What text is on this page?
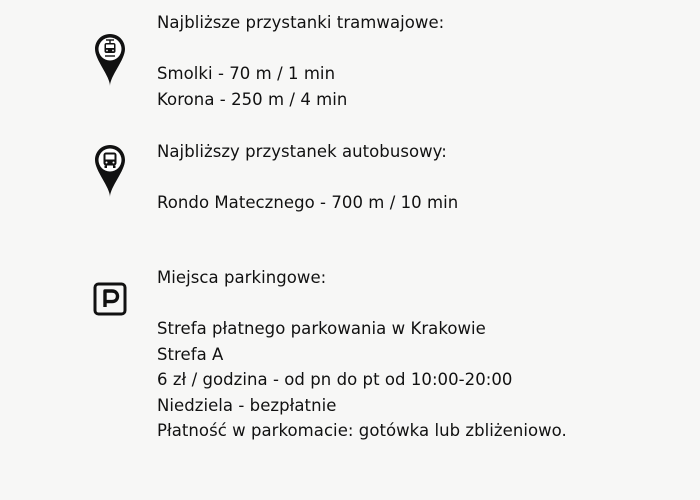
Najbliższe przystanki tramwajowe:
Smolki - 70 m / 1 min
Korona - 250 m / 4 min
Najbliższy przystanek autobusowy:
Rondo Matecznego - 700 m / 10 min
Miejsca parkingowe:
Strefa płatnego parkowania w Krakowie
Strefa A
6 zł / godzina - od pn do pt od 10:00-20:00
Niedziela - bezpłatnie
Płatność w parkomacie: gotówka lub zbliżeniowo.
